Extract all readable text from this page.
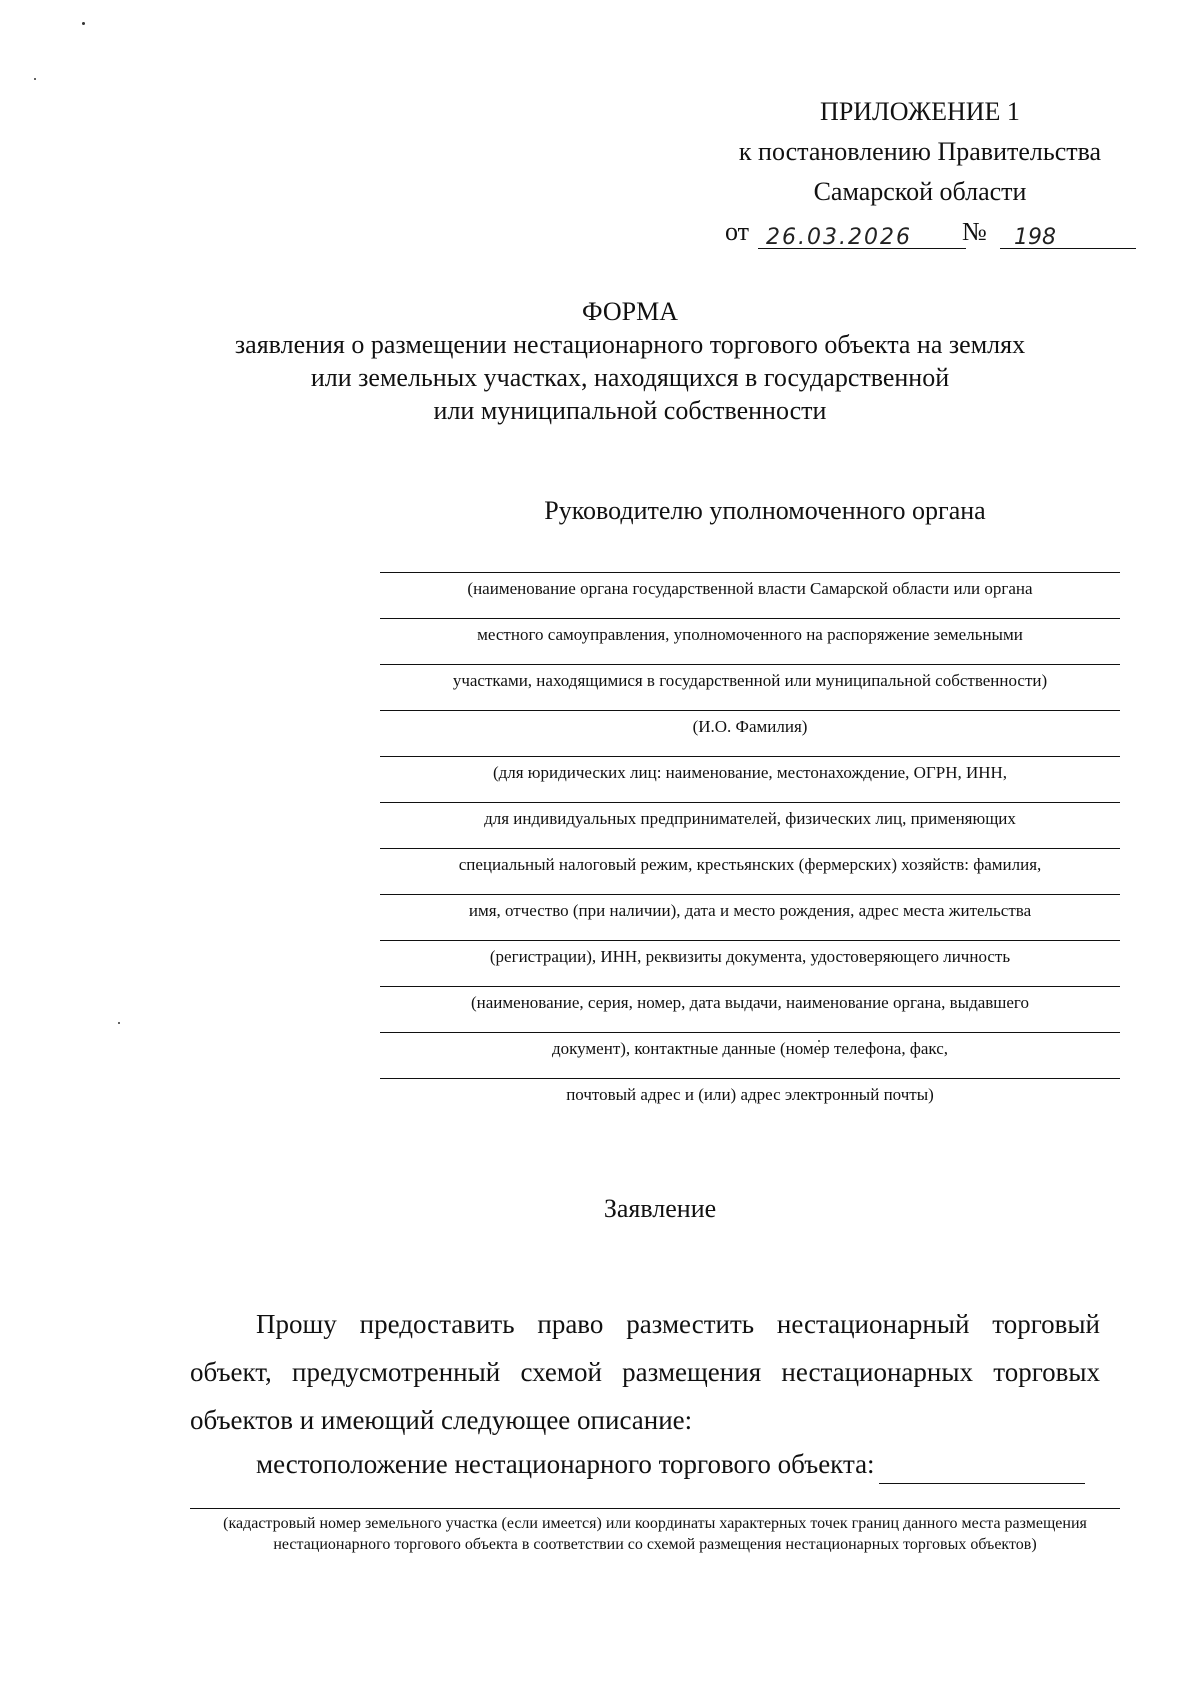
ПРИЛОЖЕНИЕ 1
к постановлению Правительства
Самарской области
от 26.03.2026	№	198
ФОРМА
заявления о размещении нестационарного торгового объекта на землях
или земельных участках, находящихся в государственной
или муниципальной собственности
Руководителю уполномоченного органа
(наименование органа государственной власти Самарской области или органа
местного самоуправления, уполномоченного на распоряжение земельными
участками, находящимися в государственной или муниципальной собственности)
(И.О. Фамилия)
(для юридических лиц: наименование, местонахождение, ОГРН, ИНН,
для индивидуальных предпринимателей, физических лиц, применяющих
специальный налоговый режим, крестьянских (фермерских) хозяйств: фамилия,
имя, отчество (при наличии), дата и место рождения, адрес места жительства
(регистрации), ИНН, реквизиты документа, удостоверяющего личность
(наименование, серия, номер, дата выдачи, наименование органа, выдавшего
документ), контактные данные (номер телефона, факс,
почтовый адрес и (или) адрес электронный почты)
Заявление
Прошу предоставить право разместить нестационарный торговый объект, предусмотренный схемой размещения нестационарных торговых объектов и имеющий следующее описание:
местоположение нестационарного торгового объекта:
(кадастровый номер земельного участка (если имеется) или координаты характерных точек границ данного места размещения нестационарного торгового объекта в соответствии со схемой размещения нестационарных торговых объектов)
